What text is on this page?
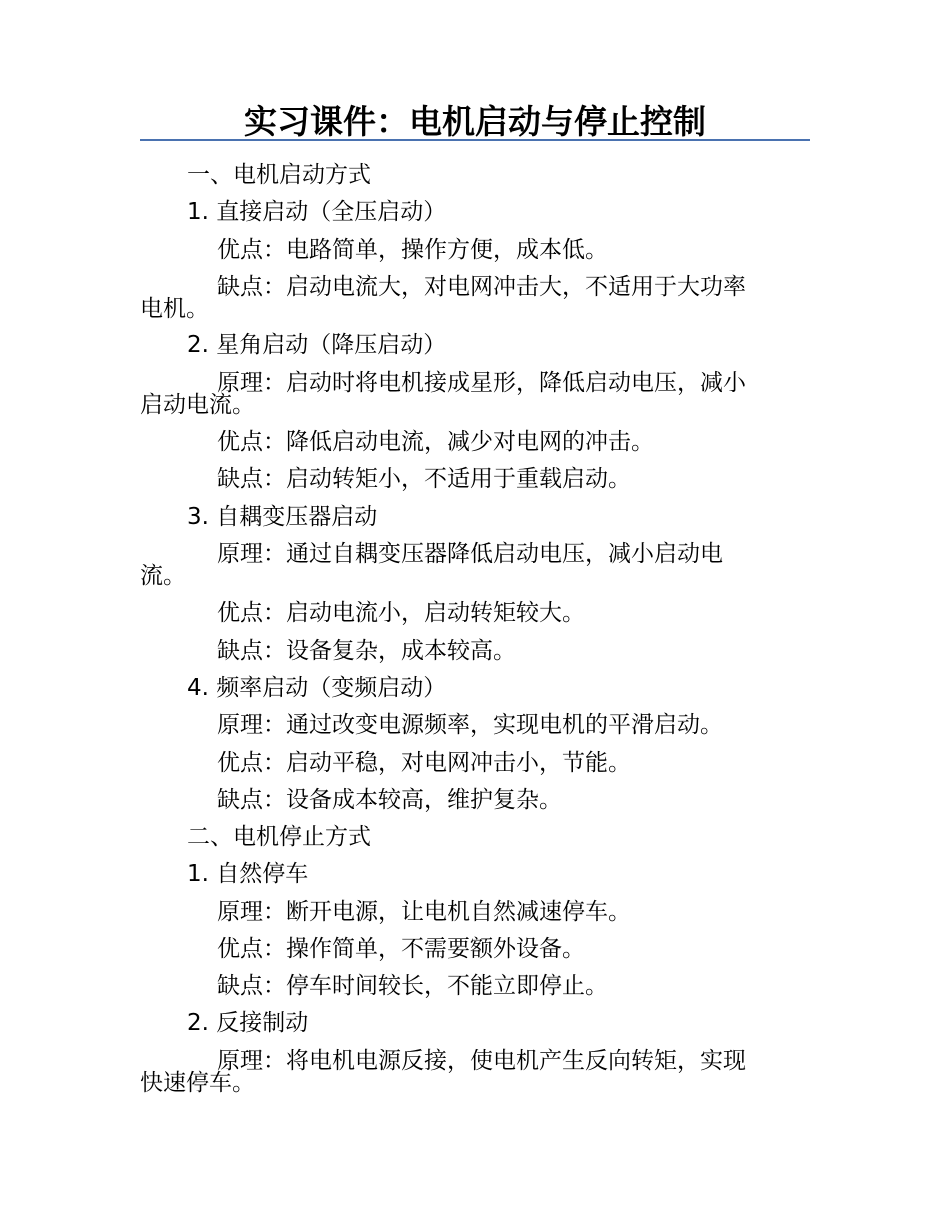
实习课件：电机启动与停止控制
一、电机启动方式
1. 直接启动（全压启动）
优点：电路简单，操作方便，成本低。
缺点：启动电流大，对电网冲击大，不适用于大功率
电机。
2. 星角启动（降压启动）
原理：启动时将电机接成星形，降低启动电压，减小
启动电流。
优点：降低启动电流，减少对电网的冲击。
缺点：启动转矩小，不适用于重载启动。
3. 自耦变压器启动
原理：通过自耦变压器降低启动电压，减小启动电
流。
优点：启动电流小，启动转矩较大。
缺点：设备复杂，成本较高。
4. 频率启动（变频启动）
原理：通过改变电源频率，实现电机的平滑启动。
优点：启动平稳，对电网冲击小，节能。
缺点：设备成本较高，维护复杂。
二、电机停止方式
1. 自然停车
原理：断开电源，让电机自然减速停车。
优点：操作简单，不需要额外设备。
缺点：停车时间较长，不能立即停止。
2. 反接制动
原理：将电机电源反接，使电机产生反向转矩，实现
快速停车。
